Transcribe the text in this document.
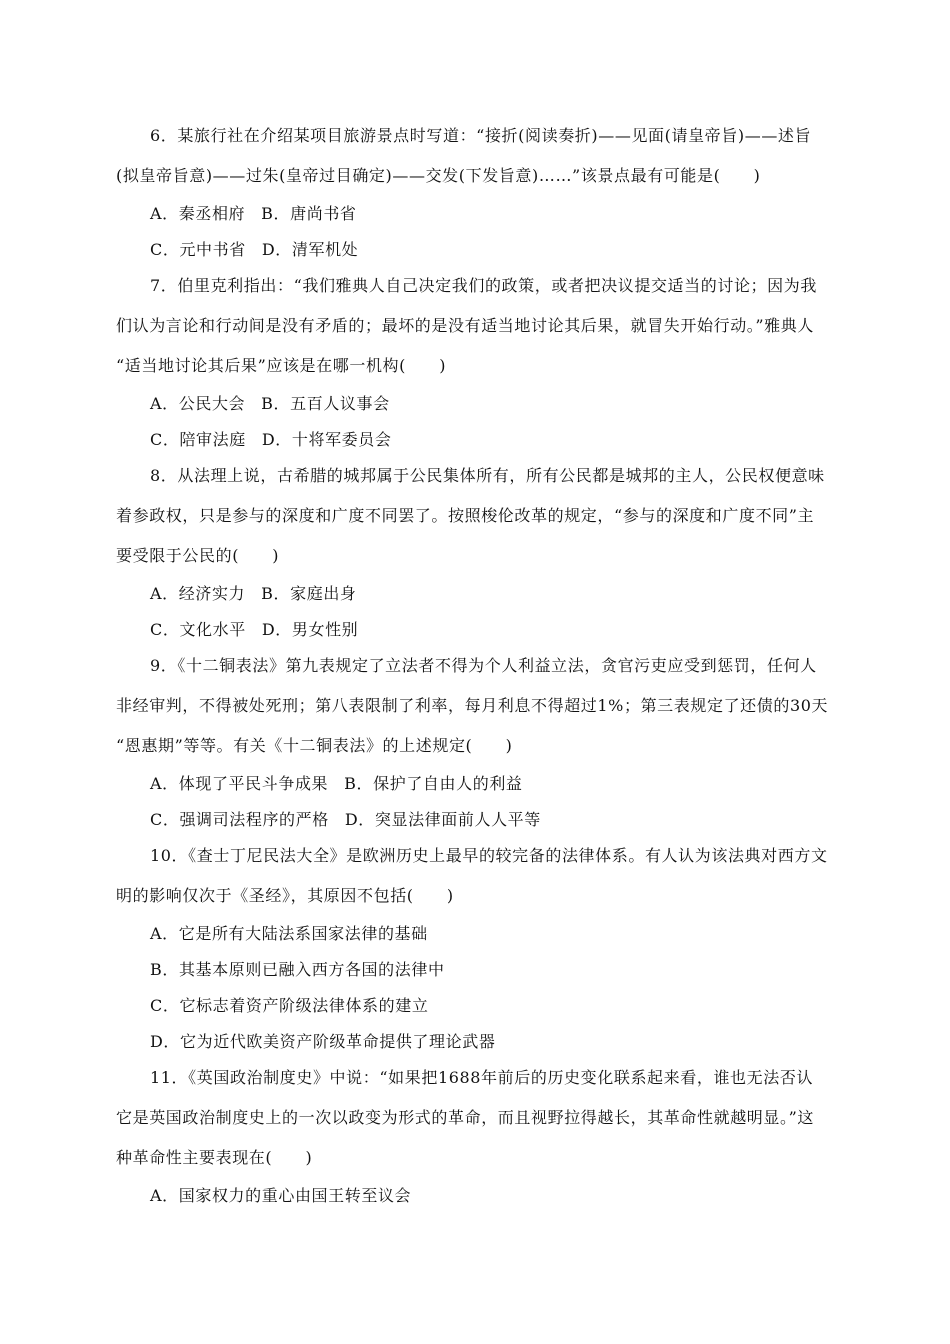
6．某旅行社在介绍某项目旅游景点时写道：“接折(阅读奏折)——见面(请皇帝旨)——述旨
(拟皇帝旨意)——过朱(皇帝过目确定)——交发(下发旨意)……”该景点最有可能是(　　)
A．秦丞相府 B．唐尚书省
C．元中书省 D．清军机处
7．伯里克利指出：“我们雅典人自己决定我们的政策，或者把决议提交适当的讨论；因为我
们认为言论和行动间是没有矛盾的；最坏的是没有适当地讨论其后果，就冒失开始行动。”雅典人
“适当地讨论其后果”应该是在哪一机构(　　)
A．公民大会 B．五百人议事会
C．陪审法庭 D．十将军委员会
8．从法理上说，古希腊的城邦属于公民集体所有，所有公民都是城邦的主人，公民权便意味
着参政权，只是参与的深度和广度不同罢了。按照梭伦改革的规定，“参与的深度和广度不同”主
要受限于公民的(　　)
A．经济实力 B．家庭出身
C．文化水平 D．男女性别
9．《十二铜表法》第九表规定了立法者不得为个人利益立法，贪官污吏应受到惩罚，任何人
非经审判，不得被处死刑；第八表限制了利率，每月利息不得超过1%；第三表规定了还债的30天
“恩惠期”等等。有关《十二铜表法》的上述规定(　　)
A．体现了平民斗争成果 B．保护了自由人的利益
C．强调司法程序的严格 D．突显法律面前人人平等
10．《查士丁尼民法大全》是欧洲历史上最早的较完备的法律体系。有人认为该法典对西方文
明的影响仅次于《圣经》，其原因不包括(　　)
A．它是所有大陆法系国家法律的基础
B．其基本原则已融入西方各国的法律中
C．它标志着资产阶级法律体系的建立
D．它为近代欧美资产阶级革命提供了理论武器
11．《英国政治制度史》中说：“如果把1688年前后的历史变化联系起来看，谁也无法否认
它是英国政治制度史上的一次以政变为形式的革命，而且视野拉得越长，其革命性就越明显。”这
种革命性主要表现在(　　)
A．国家权力的重心由国王转至议会
